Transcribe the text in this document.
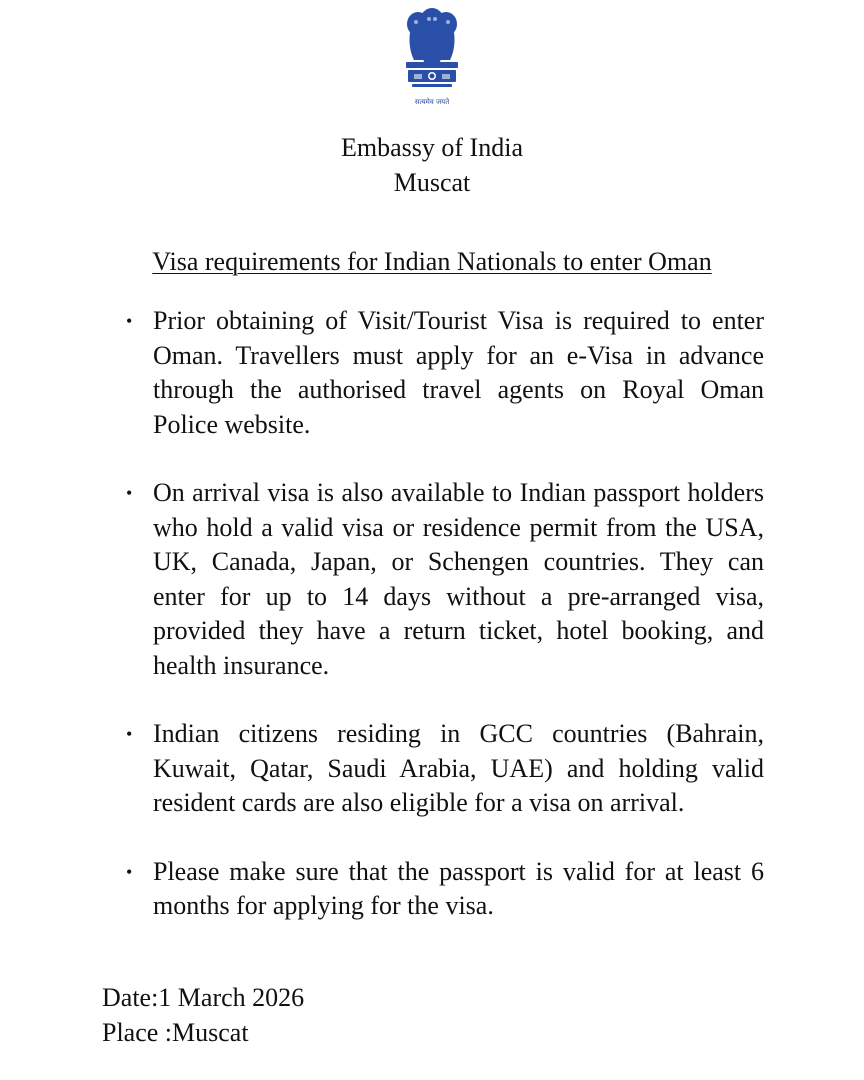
सत्यमेव जयते
Embassy of India
Muscat
Visa requirements for Indian Nationals to enter Oman
• Prior obtaining of Visit/Tourist Visa is required to enter Oman. Travellers must apply for an e-Visa in advance through the authorised travel agents on Royal Oman Police website.
• On arrival visa is also available to Indian passport holders who hold a valid visa or residence permit from the USA, UK, Canada, Japan, or Schengen countries. They can enter for up to 14 days without a pre-arranged visa, provided they have a return ticket, hotel booking, and health insurance.
• Indian citizens residing in GCC countries (Bahrain, Kuwait, Qatar, Saudi Arabia, UAE) and holding valid resident cards are also eligible for a visa on arrival.
• Please make sure that the passport is valid for at least 6 months for applying for the visa.
Date:1 March 2026
Place :Muscat
